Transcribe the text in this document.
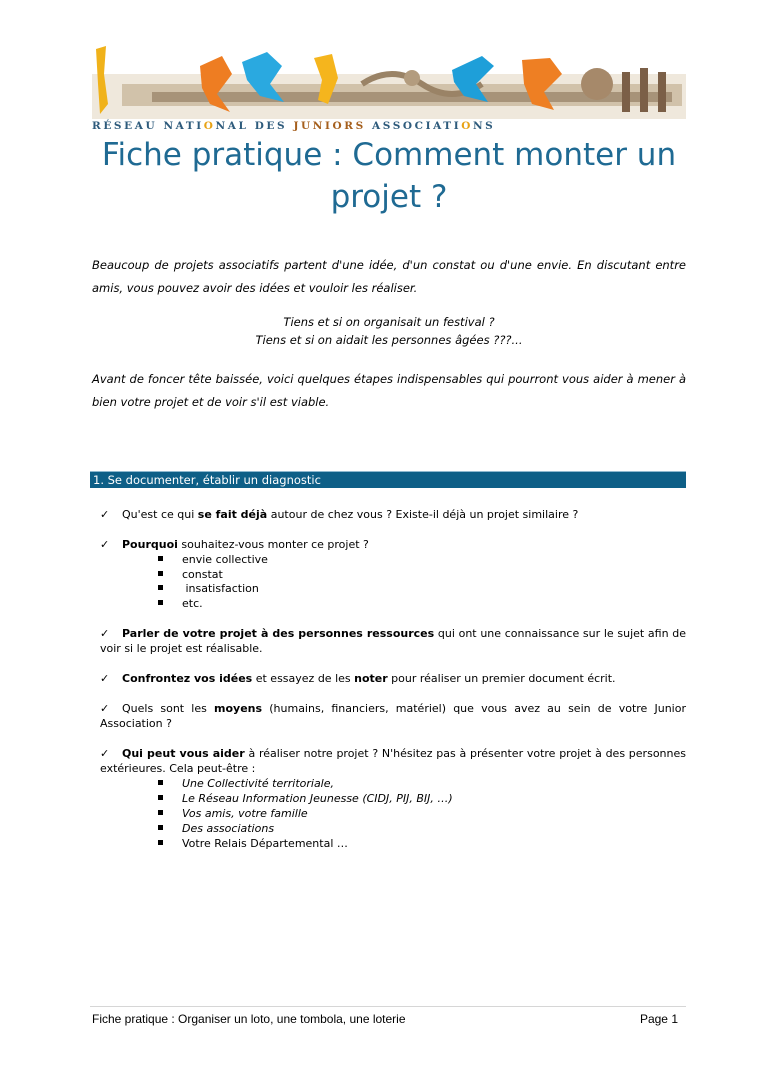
RÉSEAU NATIONAL DES JUNIORS ASSOCIATIONS
Fiche pratique : Comment monter un projet ?
Beaucoup de projets associatifs partent d'une idée, d'un constat ou d'une envie. En discutant entre amis, vous pouvez avoir des idées et vouloir les réaliser.
Tiens et si on organisait un festival ?
Tiens et si on aidait les personnes âgées ???...
Avant de foncer tête baissée, voici quelques étapes indispensables qui pourront vous aider à mener à bien votre projet et de voir s'il est viable.
1. Se documenter, établir un diagnostic
✓ Qu'est ce qui se fait déjà autour de chez vous ? Existe-il déjà un projet similaire ?
✓ Pourquoi souhaitez-vous monter ce projet ?
envie collective
constat
insatisfaction
etc.
✓ Parler de votre projet à des personnes ressources qui ont une connaissance sur le sujet afin de voir si le projet est réalisable.
✓ Confrontez vos idées et essayez de les noter pour réaliser un premier document écrit.
✓ Quels sont les moyens (humains, financiers, matériel) que vous avez au sein de votre Junior Association ?
✓ Qui peut vous aider à réaliser notre projet ? N'hésitez pas à présenter votre projet à des personnes extérieures. Cela peut-être :
Une Collectivité territoriale,
Le Réseau Information Jeunesse (CIDJ, PIJ, BIJ, …)
Vos amis, votre famille
Des associations
Votre Relais Départemental …
Fiche pratique : Organiser un loto, une tombola, une loterie	Page 1
